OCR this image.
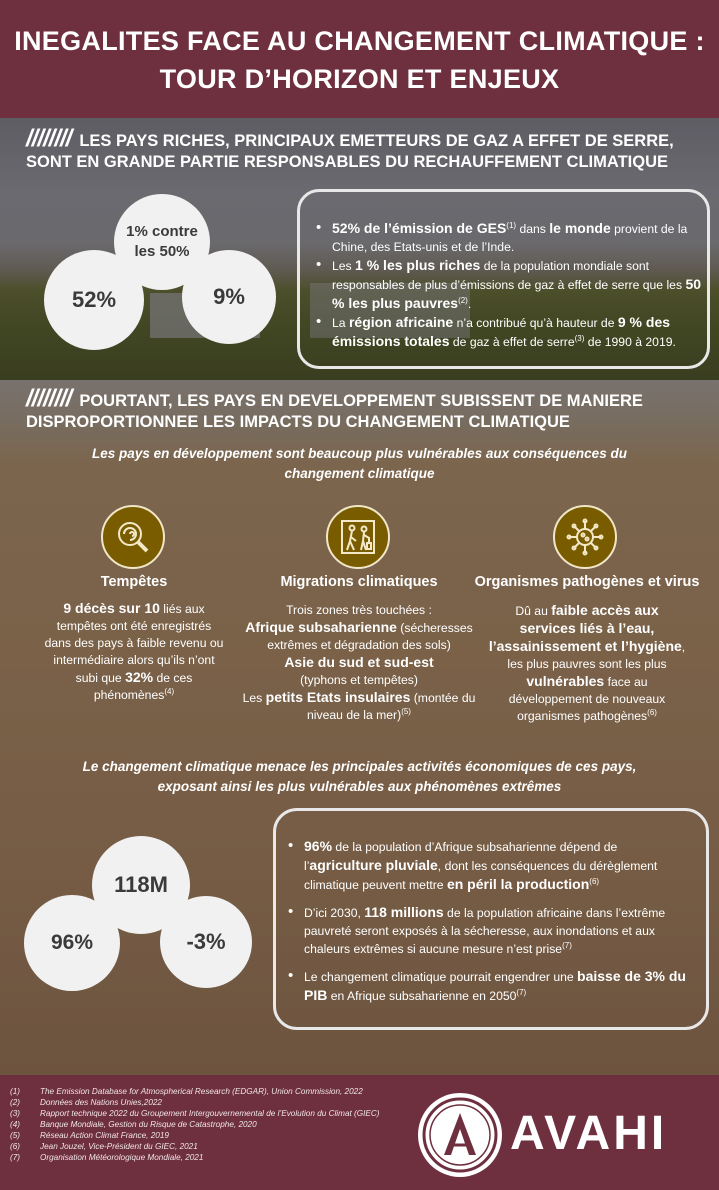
INEGALITES FACE AU CHANGEMENT CLIMATIQUE :
TOUR D’HORIZON ET ENJEUX
//////// LES PAYS RICHES, PRINCIPAUX EMETTEURS DE GAZ A EFFET DE SERRE,
SONT EN GRANDE PARTIE RESPONSABLES DU RECHAUFFEMENT CLIMATIQUE
52%	9%
1% contre
les 50%
• 52% de l’émission de GES$^{(1)}$ dans le monde provient de la Chine, des Etats-unis et de l’Inde.
• Les 1 % les plus riches de la population mondiale sont responsables de plus d’émissions de gaz à effet de serre que les 50 % les plus pauvres$^{(2)}$.
• La région africaine n’a contribué qu’à hauteur de 9 % des émissions totales de gaz à effet de serre$^{(3)}$ de 1990 à 2019.
//////// POURTANT, LES PAYS EN DEVELOPPEMENT SUBISSENT DE MANIERE
DISPROPORTIONNEE LES IMPACTS DU CHANGEMENT CLIMATIQUE
Les pays en développement sont beaucoup plus vulnérables aux conséquences du
changement climatique
Tempêtes	Migrations climatiques	Organismes pathogènes et virus
9 décès sur 10 liés aux tempêtes ont été enregistrés dans des pays à faible revenu ou intermédiaire alors qu’ils n’ont subi que 32% de ces phénomènes$^{(4)}$
Trois zones très touchées :
Afrique subsaharienne (sécheresses extrêmes et dégradation des sols)
Asie du sud et sud-est
(typhons et tempêtes)
Les petits Etats insulaires (montée du niveau de la mer)$^{(5)}$
Dû au faible accès aux services liés à l’eau, l’assainissement et l’hygiène, les plus pauvres sont les plus vulnérables face au développement de nouveaux organismes pathogènes$^{(6)}$
Le changement climatique menace les principales activités économiques de ces pays,
exposant ainsi les plus vulnérables aux phénomènes extrêmes
118M
96%	-3%
• 96% de la population d’Afrique subsaharienne dépend de l’agriculture pluviale, dont les conséquences du dérèglement climatique peuvent mettre en péril la production$^{(6)}$
• D’ici 2030, 118 millions de la population africaine dans l’extrême pauvreté seront exposés à la sécheresse, aux inondations et aux chaleurs extrêmes si aucune mesure n’est prise$^{(7)}$
• Le changement climatique pourrait engendrer une baisse de 3% du PIB en Afrique subsaharienne en 2050$^{(7)}$
(1)	The Emission Database for Atmospherical Research (EDGAR), Union Commission, 2022
(2)	Données des Nations Unies,2022
(3)	Rapport technique 2022 du Groupement Intergouvernemental de l’Evolution du Climat (GIEC)
(4)	Banque Mondiale, Gestion du Risque de Catastrophe, 2020
(5)	Réseau Action Climat France, 2019
(6)	Jean Jouzel, Vice-Président du GIEC, 2021
(7)	Organisation Météorologique Mondiale, 2021	AVAHI
